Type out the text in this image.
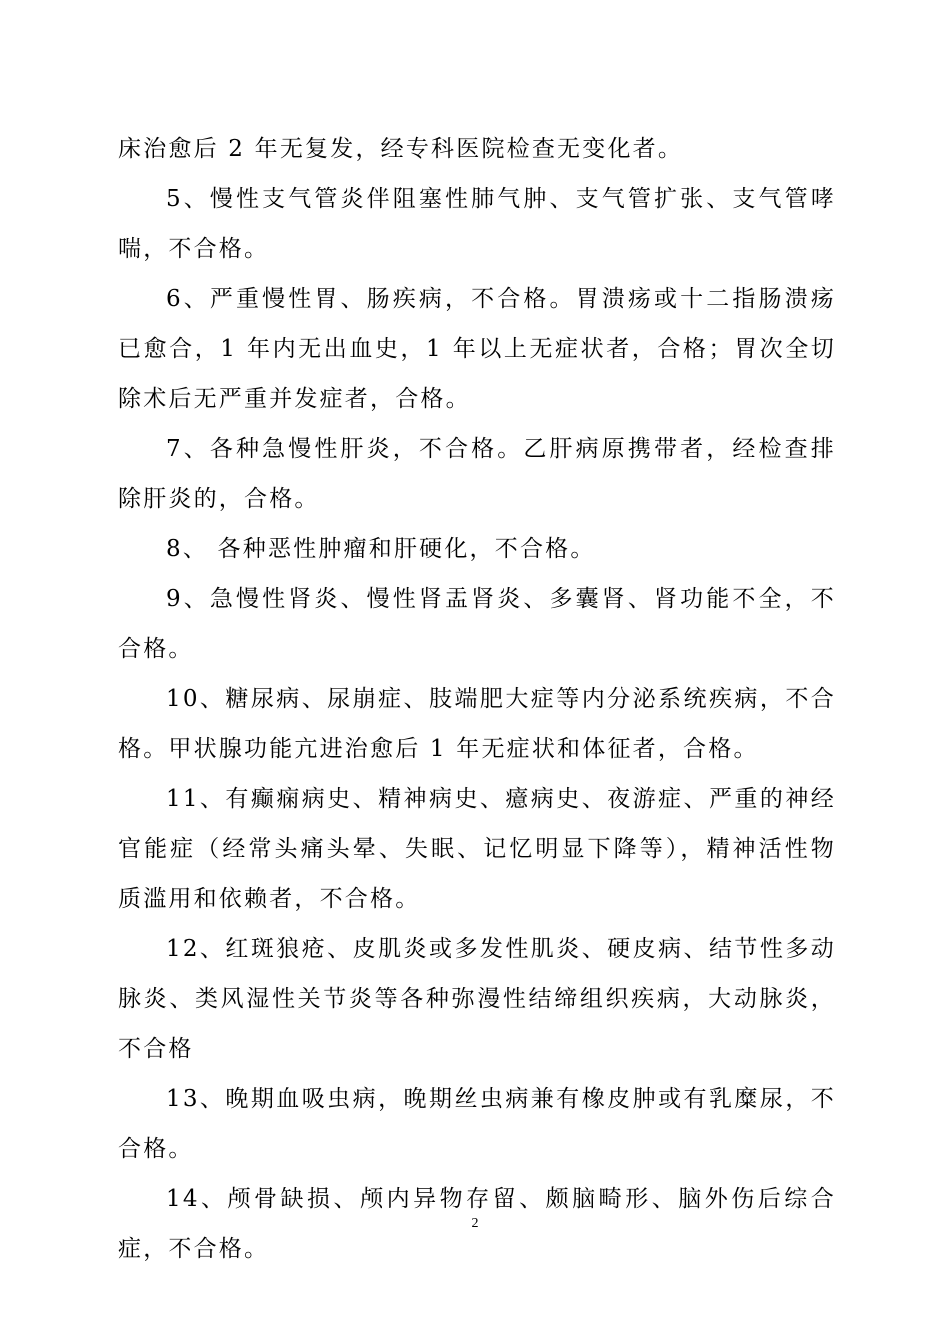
床治愈后 2 年无复发，经专科医院检查无变化者。

5、慢性支气管炎伴阻塞性肺气肿、支气管扩张、支气管哮喘，不合格。

6、严重慢性胃、肠疾病，不合格。胃溃疡或十二指肠溃疡已愈合，1 年内无出血史，1 年以上无症状者，合格；胃次全切除术后无严重并发症者，合格。

7、各种急慢性肝炎，不合格。乙肝病原携带者，经检查排除肝炎的，合格。

8、 各种恶性肿瘤和肝硬化，不合格。

9、急慢性肾炎、慢性肾盂肾炎、多囊肾、肾功能不全，不合格。

10、糖尿病、尿崩症、肢端肥大症等内分泌系统疾病，不合格。甲状腺功能亢进治愈后 1 年无症状和体征者，合格。

11、有癫痫病史、精神病史、癔病史、夜游症、严重的神经官能症（经常头痛头晕、失眠、记忆明显下降等），精神活性物质滥用和依赖者，不合格。

12、红斑狼疮、皮肌炎或多发性肌炎、硬皮病、结节性多动脉炎、类风湿性关节炎等各种弥漫性结缔组织疾病，大动脉炎，不合格

13、晚期血吸虫病，晚期丝虫病兼有橡皮肿或有乳糜尿，不合格。

14、颅骨缺损、颅内异物存留、颇脑畸形、脑外伤后综合症，不合格。

2
